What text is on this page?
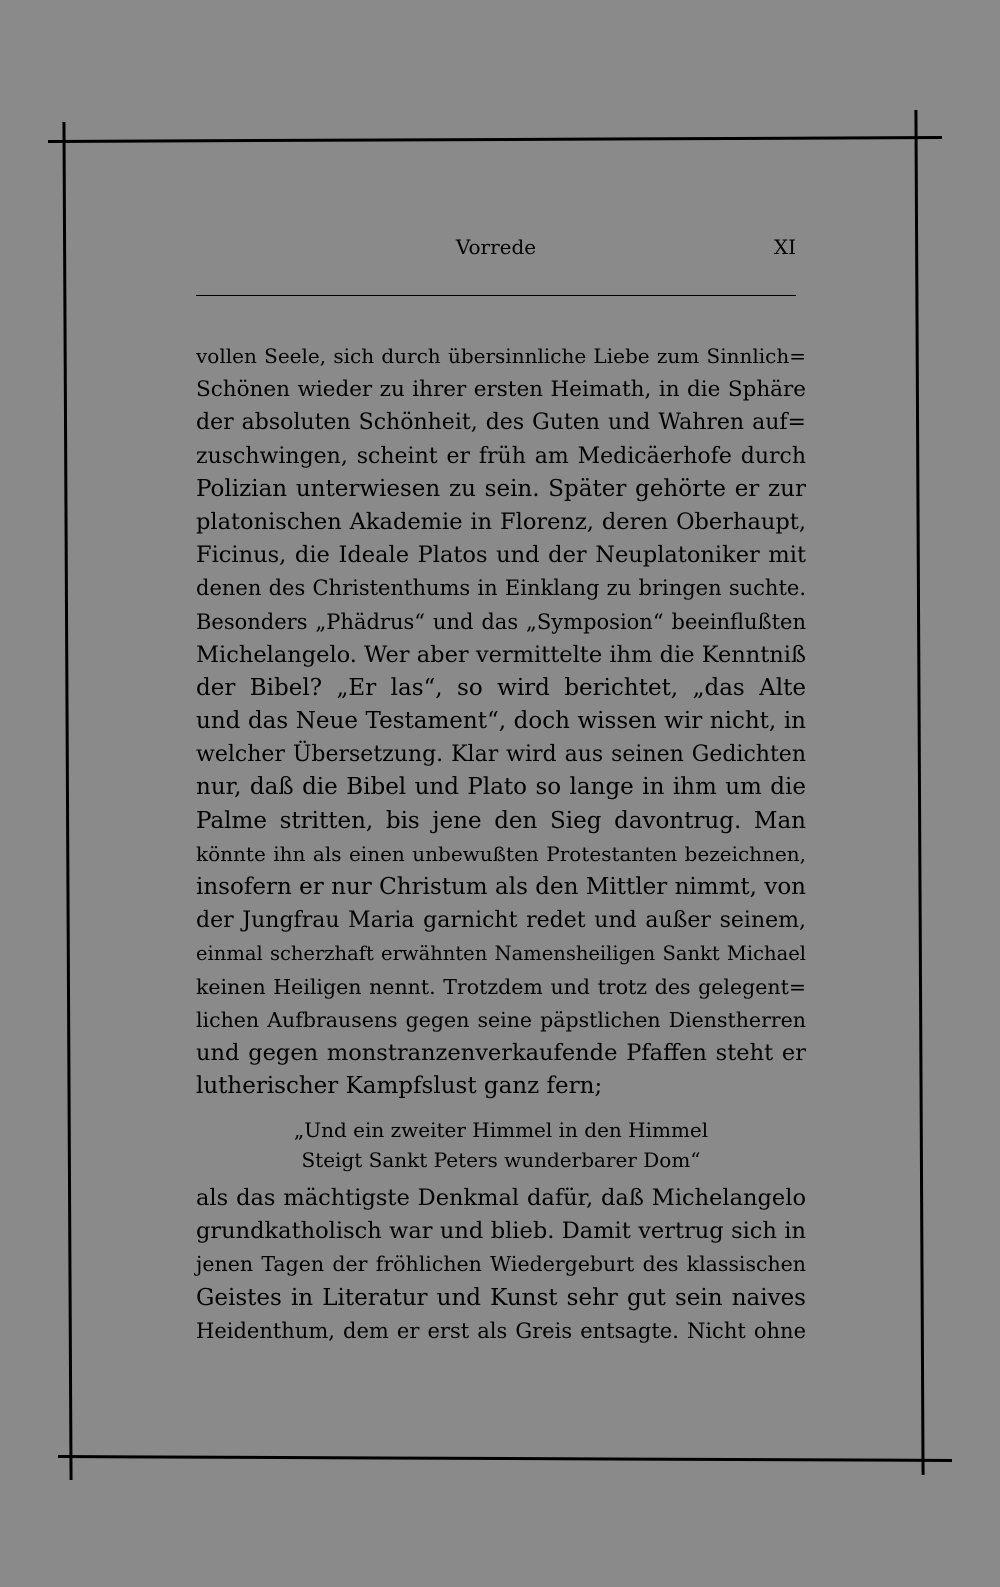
Vorrede	XI
vollen Seele, sich durch übersinnliche Liebe zum Sinnlich=
Schönen wieder zu ihrer ersten Heimath, in die Sphäre
der absoluten Schönheit, des Guten und Wahren auf=
zuschwingen, scheint er früh am Medicäerhofe durch
Polizian unterwiesen zu sein. Später gehörte er zur
platonischen Akademie in Florenz, deren Oberhaupt,
Ficinus, die Ideale Platos und der Neuplatoniker mit
denen des Christenthums in Einklang zu bringen suchte.
Besonders „Phädrus“ und das „Symposion“ beeinflußten
Michelangelo. Wer aber vermittelte ihm die Kenntniß
der Bibel? „Er las“, so wird berichtet, „das Alte
und das Neue Testament“, doch wissen wir nicht, in
welcher Übersetzung. Klar wird aus seinen Gedichten
nur, daß die Bibel und Plato so lange in ihm um die
Palme stritten, bis jene den Sieg davontrug. Man
könnte ihn als einen unbewußten Protestanten bezeichnen,
insofern er nur Christum als den Mittler nimmt, von
der Jungfrau Maria garnicht redet und außer seinem,
einmal scherzhaft erwähnten Namensheiligen Sankt Michael
keinen Heiligen nennt. Trotzdem und trotz des gelegent=
lichen Aufbrausens gegen seine päpstlichen Dienstherren
und gegen monstranzenverkaufende Pfaffen steht er
lutherischer Kampfslust ganz fern;
„Und ein zweiter Himmel in den Himmel
Steigt Sankt Peters wunderbarer Dom“
als das mächtigste Denkmal dafür, daß Michelangelo
grundkatholisch war und blieb. Damit vertrug sich in
jenen Tagen der fröhlichen Wiedergeburt des klassischen
Geistes in Literatur und Kunst sehr gut sein naives
Heidenthum, dem er erst als Greis entsagte. Nicht ohne
